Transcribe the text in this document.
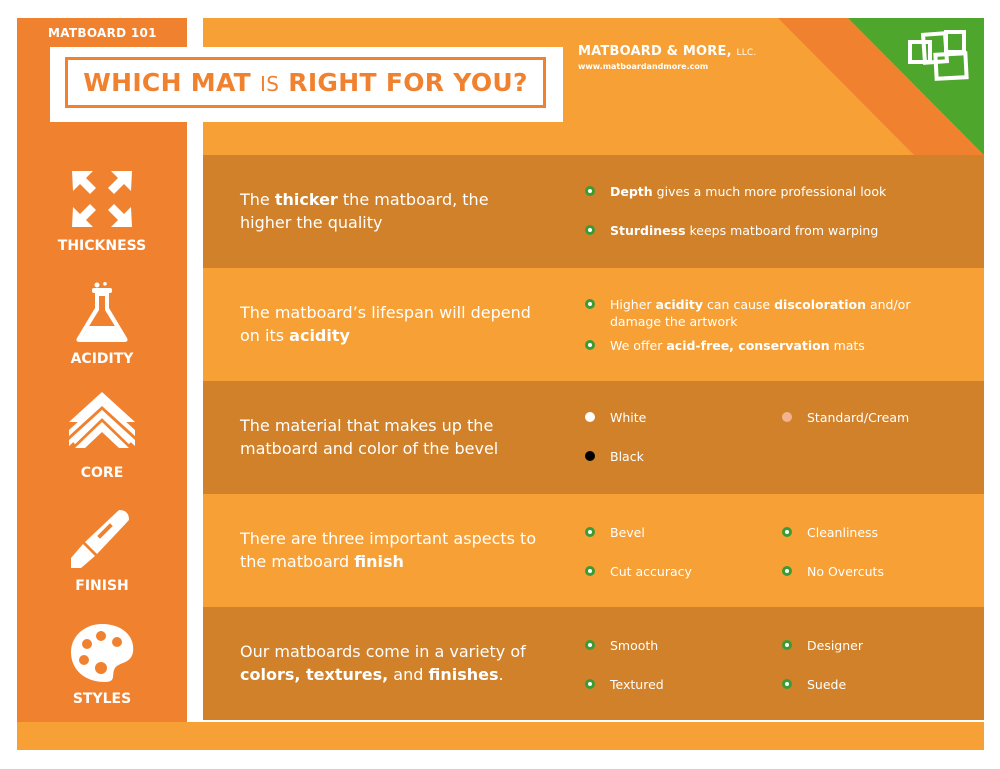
MATBOARD 101
WHICH MAT IS RIGHT FOR YOU?
MATBOARD & MORE, LLC.
www.matboardandmore.com
The thicker the matboard, the higher the quality
Depth gives a much more professional look
Sturdiness keeps matboard from warping
The matboard’s lifespan will depend on its acidity
Higher acidity can cause discoloration and/or damage the artwork
We offer acid-free, conservation mats
The material that makes up the matboard and color of the bevel
White
Black
Standard/Cream
There are three important aspects to the matboard finish
Bevel
Cut accuracy
Cleanliness
No Overcuts
Our matboards come in a variety of colors, textures, and finishes.
Smooth
Textured
Designer
Suede
THICKNESS
ACIDITY
CORE
FINISH
STYLES
